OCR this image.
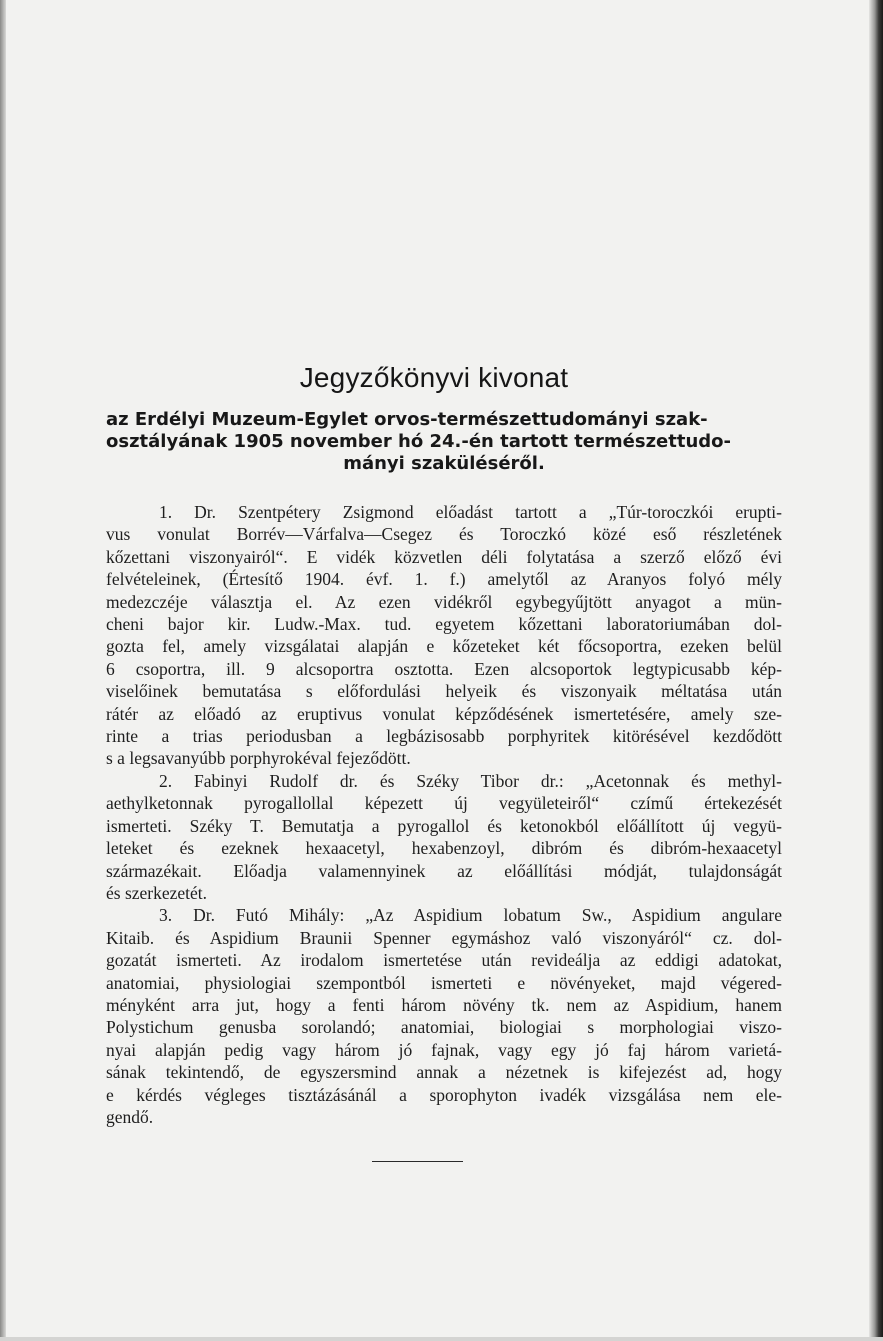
Jegyzőkönyvi kivonat
az Erdélyi Muzeum-Egylet orvos-természettudományi szak-
osztályának 1905 november hó 24.-én tartott természettudo-
mányi szaküléséről.
1. Dr. Szentpétery Zsigmond előadást tartott a „Túr-toroczkói erupti-
vus vonulat Borrév—Várfalva—Csegez és Toroczkó közé eső részletének
kőzettani viszonyairól“. E vidék közvetlen déli folytatása a szerző előző évi
felvételeinek, (Értesítő 1904. évf. 1. f.) amelytől az Aranyos folyó mély
medezczéje választja el. Az ezen vidékről egybegyűjtött anyagot a mün-
cheni bajor kir. Ludw.-Max. tud. egyetem kőzettani laboratoriumában dol-
gozta fel, amely vizsgálatai alapján e kőzeteket két főcsoportra, ezeken belül
6 csoportra, ill. 9 alcsoportra osztotta. Ezen alcsoportok legtypicusabb kép-
viselőinek bemutatása s előfordulási helyeik és viszonyaik méltatása után
rátér az előadó az eruptivus vonulat képződésének ismertetésére, amely sze-
rinte a trias periodusban a legbázisosabb porphyritek kitörésével kezdődött
s a legsavanyúbb porphyrokéval fejeződött.
2. Fabinyi Rudolf dr. és Széky Tibor dr.: „Acetonnak és methyl-
aethylketonnak pyrogallollal képezett új vegyületeiről“ czímű értekezését
ismerteti. Széky T. Bemutatja a pyrogallol és ketonokból előállított új vegyü-
leteket és ezeknek hexaacetyl, hexabenzoyl, dibróm és dibróm-hexaacetyl
származékait. Előadja valamennyinek az előállítási módját, tulajdonságát
és szerkezetét.
3. Dr. Futó Mihály: „Az Aspidium lobatum Sw., Aspidium angulare
Kitaib. és Aspidium Braunii Spenner egymáshoz való viszonyáról“ cz. dol-
gozatát ismerteti. Az irodalom ismertetése után revideálja az eddigi adatokat,
anatomiai, physiologiai szempontból ismerteti e növényeket, majd végered-
ményként arra jut, hogy a fenti három növény tk. nem az Aspidium, hanem
Polystichum genusba sorolandó; anatomiai, biologiai s morphologiai viszo-
nyai alapján pedig vagy három jó fajnak, vagy egy jó faj három varietá-
sának tekintendő, de egyszersmind annak a nézetnek is kifejezést ad, hogy
e kérdés végleges tisztázásánál a sporophyton ivadék vizsgálása nem ele-
gendő.
